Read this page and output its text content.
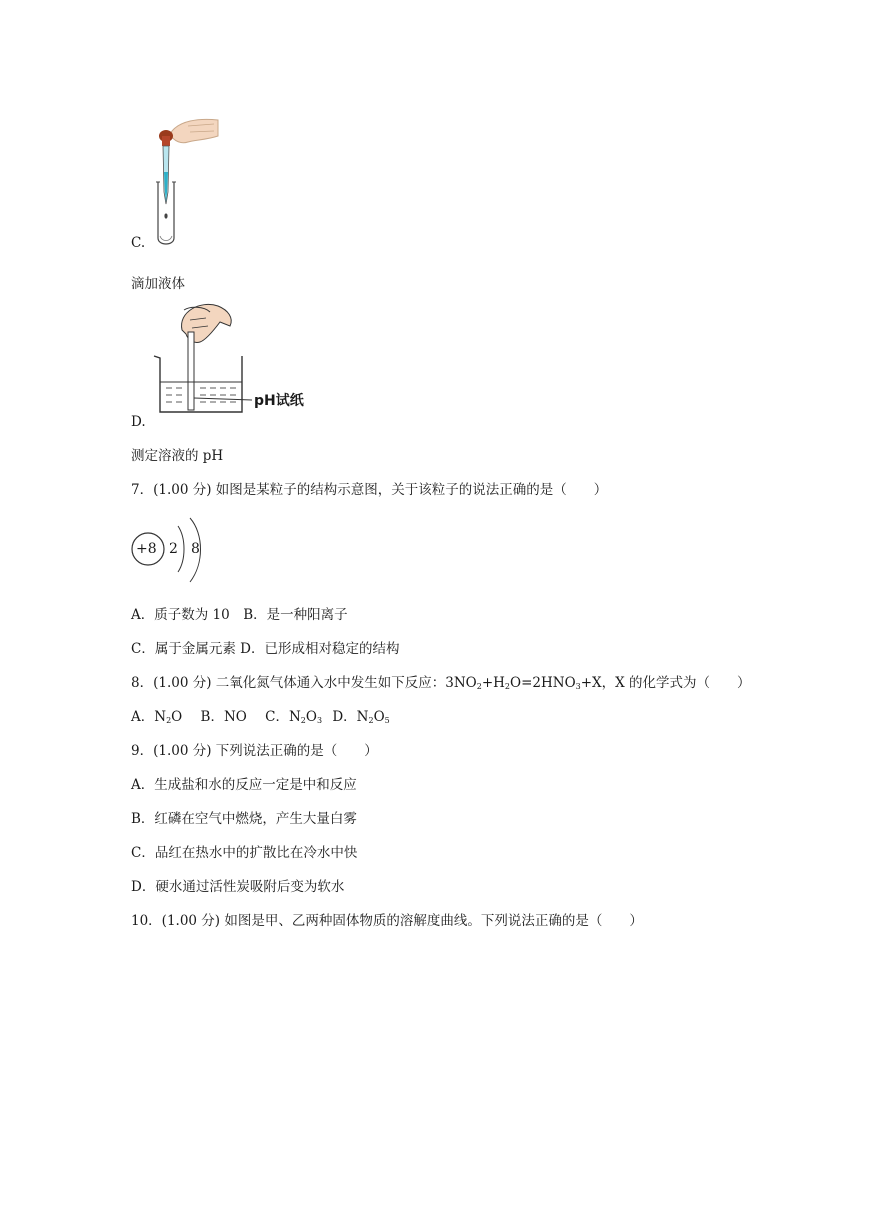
C.
滴加液体
pH试纸
D.
测定溶液的 pH
7．(1.00 分) 如图是某粒子的结构示意图，关于该粒子的说法正确的是（　　）
+8 2 8
A．质子数为 10　B．是一种阳离子
C．属于金属元素 D．已形成相对稳定的结构
8．(1.00 分) 二氧化氮气体通入水中发生如下反应：$3NO_2+H_2O=2HNO_3+X$，X 的化学式为（　　）
A．$N_2O$ B．NO C．$N_2O_3$ D．$N_2O_5$
9．(1.00 分) 下列说法正确的是（　　）
A．生成盐和水的反应一定是中和反应
B．红磷在空气中燃烧，产生大量白雾
C．品红在热水中的扩散比在冷水中快
D．硬水通过活性炭吸附后变为软水
10．(1.00 分) 如图是甲、乙两种固体物质的溶解度曲线。下列说法正确的是（　　）
